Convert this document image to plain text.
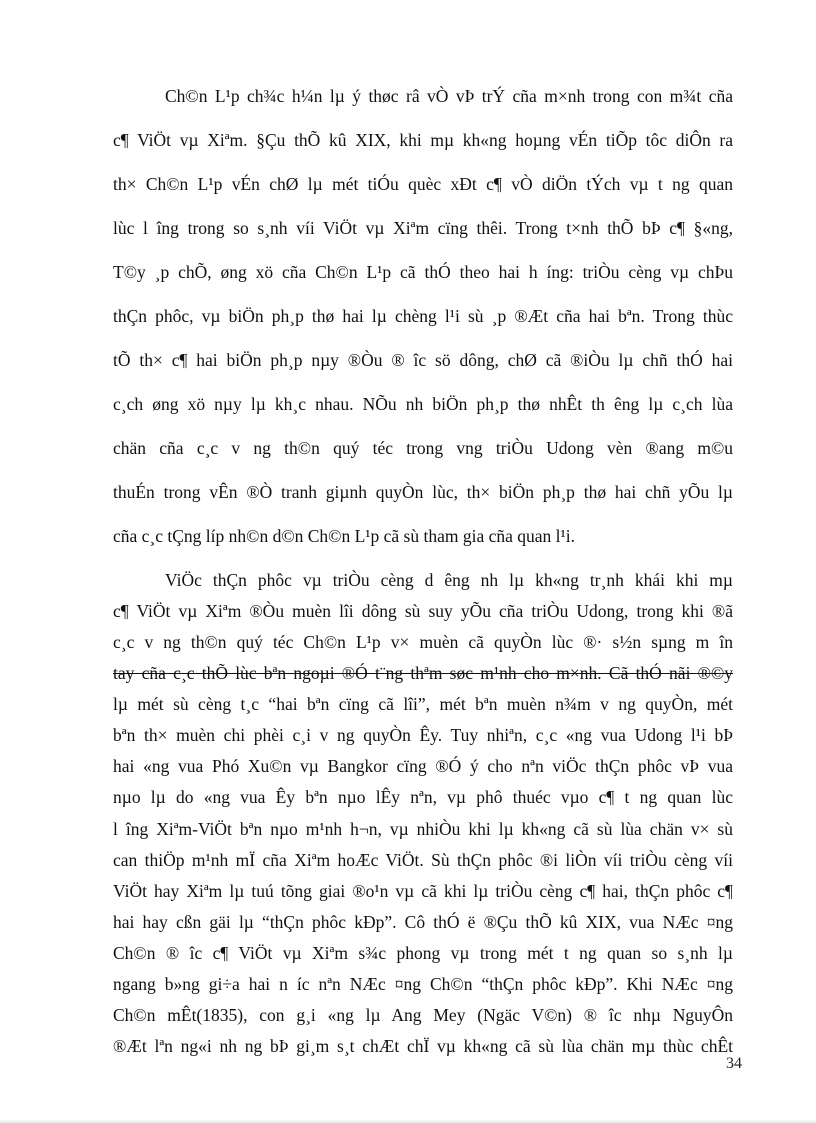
Ch©n L¹p ch¾c h¼n lµ ý thøc râ vÒ vÞ trÝ cña m×nh trong con m¾t cña
c¶ ViÖt vµ Xiªm. §Çu thÕ kû XIX, khi mµ kh«ng hoµng vÉn tiÕp tôc diÔn ra
th× Ch©n L¹p vÉn chØ lµ mét tiÓu quèc xÐt c¶ vÒ diÖn tÝch vµ t ng quan
lùc l îng trong so s¸nh víi ViÖt vµ Xiªm cïng thêi. Trong t×nh thÕ bÞ c¶ §«ng,
T©y ¸p chÕ, øng xö cña Ch©n L¹p cã thÓ theo hai h íng: triÒu cèng vµ chÞu
thÇn phôc, vµ biÖn ph¸p thø hai lµ chèng l¹i sù ¸p ®Æt cña hai bªn. Trong thùc
tÕ th× c¶ hai biÖn ph¸p nµy ®Òu ® îc sö dông, chØ cã ®iÒu lµ chñ thÓ hai
c¸ch øng xö nµy lµ kh¸c nhau. NÕu nh biÖn ph¸p thø nhÊt th êng lµ c¸ch lùa
chän cña c¸c v ng th©n quý téc trong vng triÒu Udong vèn ®ang m©u
thuÉn trong vÊn ®Ò tranh giµnh quyÒn lùc, th× biÖn ph¸p thø hai chñ yÕu lµ
cña c¸c tÇng líp nh©n d©n Ch©n L¹p cã sù tham gia cña quan l¹i.
ViÖc thÇn phôc vµ triÒu cèng d êng nh lµ kh«ng tr¸nh khái khi mµ
c¶ ViÖt vµ Xiªm ®Òu muèn lîi dông sù suy yÕu cña triÒu Udong, trong khi ®ã
c¸c v ng th©n quý téc Ch©n L¹p v× muèn cã quyÒn lùc ®· s½n sµng m în
tay cña c¸c thÕ lùc bªn ngoµi ®Ó t¨ng thªm søc m¹nh cho m×nh. Cã thÓ nãi ®©y
lµ mét sù cèng t¸c “hai bªn cïng cã lîi”, mét bªn muèn n¾m v ng quyÒn, mét
bªn th× muèn chi phèi c¸i v ng quyÒn Êy. Tuy nhiªn, c¸c «ng vua Udong l¹i bÞ
hai «ng vua Phó Xu©n vµ Bangkor cïng ®Ó ý cho nªn viÖc thÇn phôc vÞ vua
nµo lµ do «ng vua Êy bªn nµo lÊy nªn, vµ phô thuéc vµo c¶ t ng quan lùc
l îng Xiªm-ViÖt bªn nµo m¹nh h¬n, vµ nhiÒu khi lµ kh«ng cã sù lùa chän v× sù
can thiÖp m¹nh mÏ cña Xiªm hoÆc ViÖt. Sù thÇn phôc ®i liÒn víi triÒu cèng víi
ViÖt hay Xiªm lµ tuú tõng giai ®o¹n vµ cã khi lµ triÒu cèng c¶ hai, thÇn phôc c¶
hai hay cßn gäi lµ “thÇn phôc kÐp”. Cô thÓ ë ®Çu thÕ kû XIX, vua NÆc ¤ng
Ch©n ® îc c¶ ViÖt vµ Xiªm s¾c phong vµ trong mét t ng quan so s¸nh lµ
ngang b»ng gi÷a hai n íc nªn NÆc ¤ng Ch©n “thÇn phôc kÐp”. Khi NÆc ¤ng
Ch©n mÊt(1835), con g¸i «ng lµ Ang Mey (Ngäc V©n) ® îc nhµ NguyÔn
®Æt lªn ng«i nh ng bÞ gi¸m s¸t chÆt chÏ vµ kh«ng cã sù lùa chän mµ thùc chÊt
34
